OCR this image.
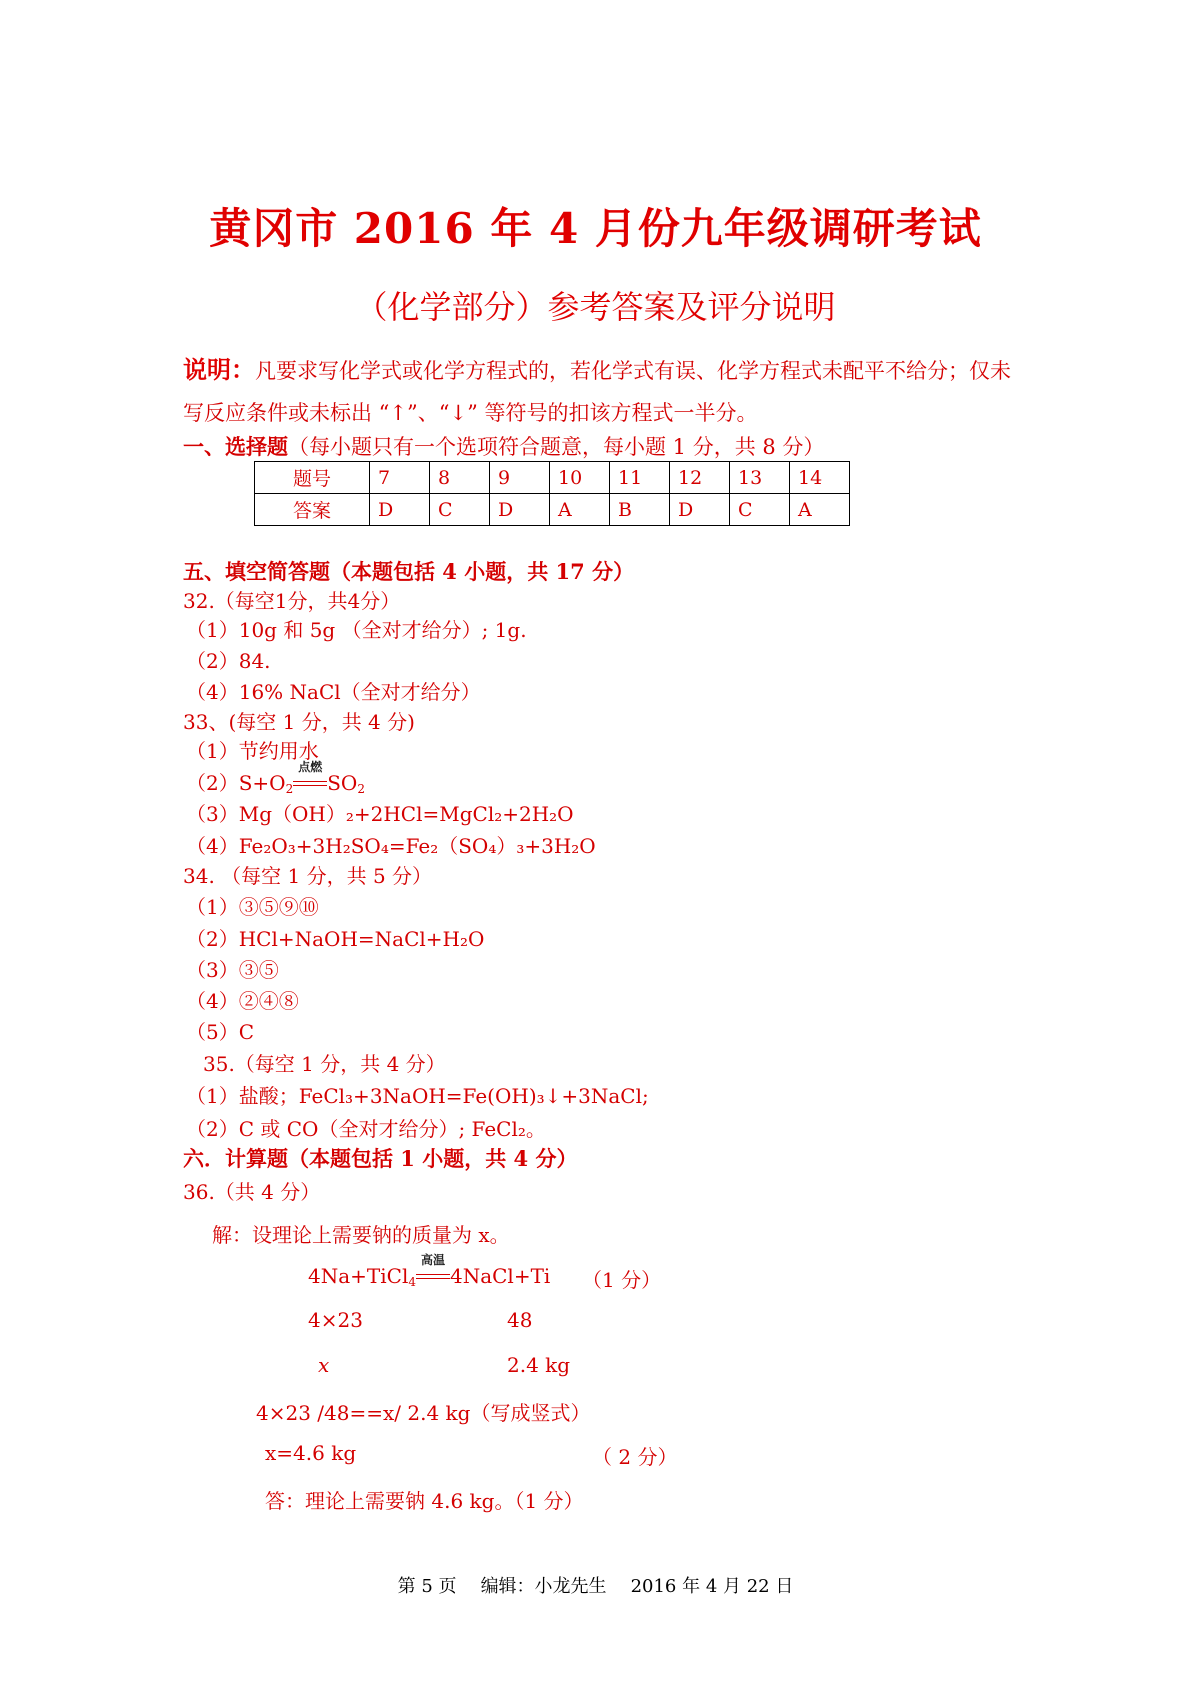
黄冈市 2016 年 4 月份九年级调研考试
（化学部分）参考答案及评分说明
说明：凡要求写化学式或化学方程式的，若化学式有误、化学方程式未配平不给分；仅未
写反应条件或未标出 “↑”、“↓” 等符号的扣该方程式一半分。
一、选择题（每小题只有一个选项符合题意，每小题 1 分，共 8 分）
题号	7	8	9	10	11	12	13	14
答案	D	C	D	A	B	D	C	A
五、填空简答题（本题包括 4 小题，共 17 分）
32.（每空1分，共4分）
（1）10g 和 5g （全对才给分）; 1g.
（2）84.
（4）16% NaCl（全对才给分）
33、(每空 1 分，共 4 分)
（1）节约用水
$(2)S+O_2$
点燃
$SO_2$
（3）Mg（OH）₂+2HCl=MgCl₂+2H₂O
（4）Fe₂O₃+3H₂SO₄=Fe₂（SO₄）₃+3H₂O
34. （每空 1 分，共 5 分）
（1）③⑤⑨⑩
（2）HCl+NaOH=NaCl+H₂O
（3）③⑤
（4）②④⑧
（5）C
35.（每空 1 分，共 4 分）
（1）盐酸；FeCl₃+3NaOH=Fe(OH)₃↓+3NaCl;
（2）C 或 CO（全对才给分）; FeCl₂。
六．计算题（本题包括 1 小题，共 4 分）
36.（共 4 分）
解：设理论上需要钠的质量为 x。
4Na+TiCl$_4$
高温
4NaCl+Ti （1 分）
4×23	48
x	2.4 kg
4×23 /48==x/ 2.4 kg（写成竖式）
x=4.6 kg	（ 2 分）
答：理论上需要钠 4.6 kg。（1 分）
第 5 页 编辑：小龙先生 2016 年 4 月 22 日
